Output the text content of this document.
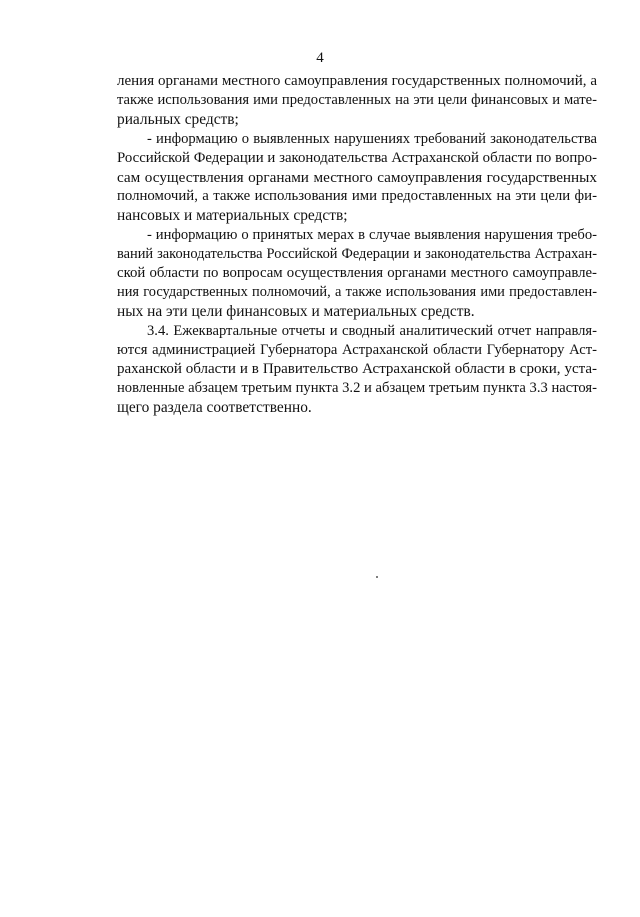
4
ления органами местного самоуправления государственных полномочий, а
также использования ими предоставленных на эти цели финансовых и мате-
риальных средств;
- информацию о выявленных нарушениях требований законодательства
Российской Федерации и законодательства Астраханской области по вопро-
сам осуществления органами местного самоуправления государственных
полномочий, а также использования ими предоставленных на эти цели фи-
нансовых и материальных средств;
- информацию о принятых мерах в случае выявления нарушения требо-
ваний законодательства Российской Федерации и законодательства Астрахан-
ской области по вопросам осуществления органами местного самоуправле-
ния государственных полномочий, а также использования ими предоставлен-
ных на эти цели финансовых и материальных средств.
3.4. Ежеквартальные отчеты и сводный аналитический отчет направля-
ются администрацией Губернатора Астраханской области Губернатору Аст-
раханской области и в Правительство Астраханской области в сроки, уста-
новленные абзацем третьим пункта 3.2 и абзацем третьим пункта 3.3 настоя-
щего раздела соответственно.
